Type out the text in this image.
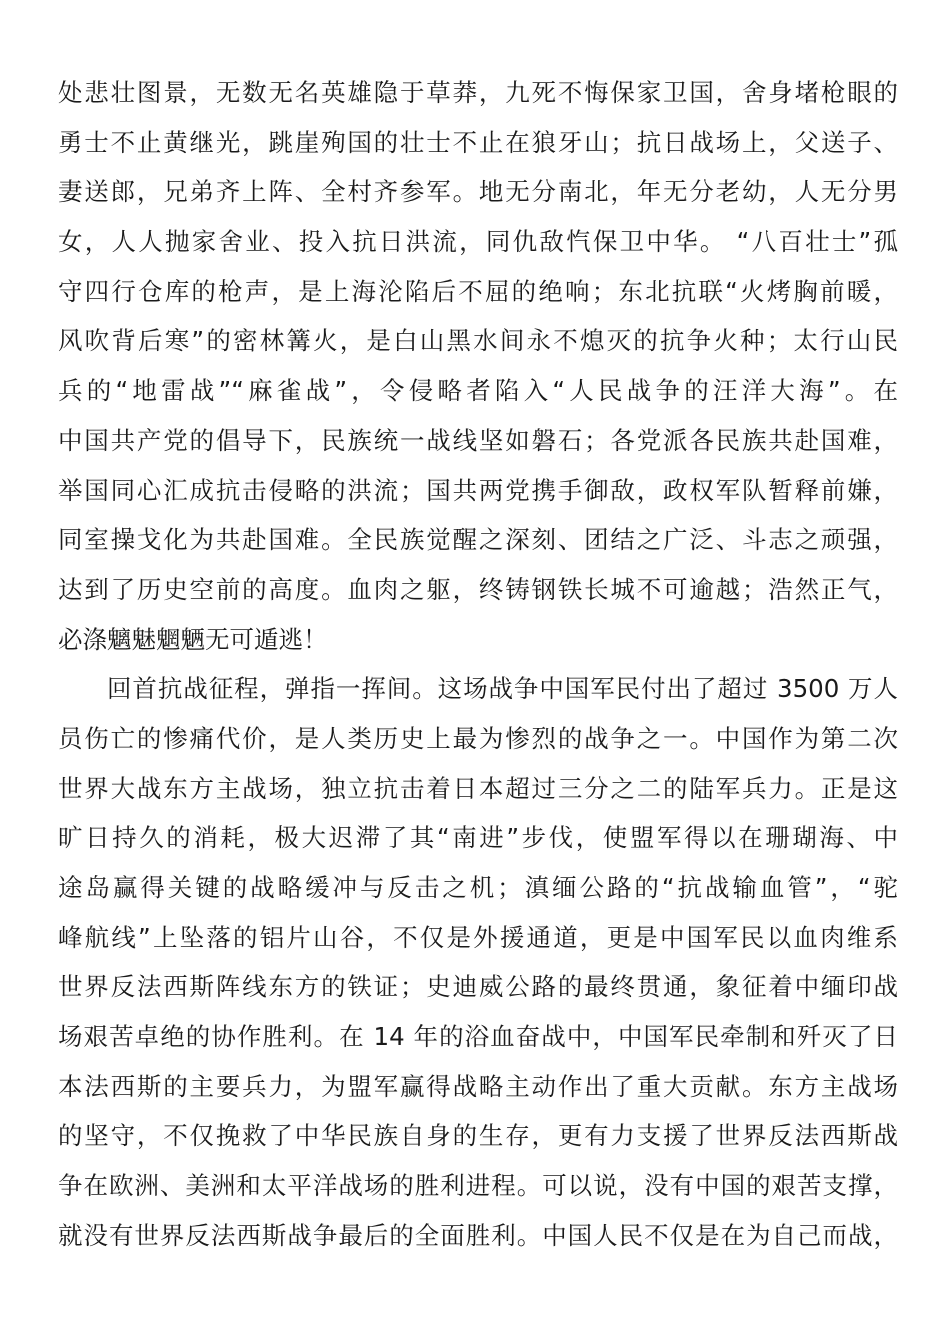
处悲壮图景，无数无名英雄隐于草莽，九死不悔保家卫国，舍身堵枪眼的
勇士不止黄继光，跳崖殉国的壮士不止在狼牙山；抗日战场上，父送子、
妻送郎，兄弟齐上阵、全村齐参军。地无分南北，年无分老幼，人无分男
女，人人抛家舍业、投入抗日洪流，同仇敌忾保卫中华。 “八百壮士”孤
守四行仓库的枪声，是上海沦陷后不屈的绝响；东北抗联“火烤胸前暖，
风吹背后寒”的密林篝火，是白山黑水间永不熄灭的抗争火种；太行山民
兵的“地雷战”“麻雀战”，令侵略者陷入“人民战争的汪洋大海”。在
中国共产党的倡导下，民族统一战线坚如磐石；各党派各民族共赴国难，
举国同心汇成抗击侵略的洪流；国共两党携手御敌，政权军队暂释前嫌，
同室操戈化为共赴国难。全民族觉醒之深刻、团结之广泛、斗志之顽强，
达到了历史空前的高度。血肉之躯，终铸钢铁长城不可逾越；浩然正气，
必涤魑魅魍魉无可遁逃！
回首抗战征程，弹指一挥间。这场战争中国军民付出了超过 3500 万人
员伤亡的惨痛代价，是人类历史上最为惨烈的战争之一。中国作为第二次
世界大战东方主战场，独立抗击着日本超过三分之二的陆军兵力。正是这
旷日持久的消耗，极大迟滞了其“南进”步伐，使盟军得以在珊瑚海、中
途岛赢得关键的战略缓冲与反击之机；滇缅公路的“抗战输血管”，“驼
峰航线”上坠落的铝片山谷，不仅是外援通道，更是中国军民以血肉维系
世界反法西斯阵线东方的铁证；史迪威公路的最终贯通，象征着中缅印战
场艰苦卓绝的协作胜利。在 14 年的浴血奋战中，中国军民牵制和歼灭了日
本法西斯的主要兵力，为盟军赢得战略主动作出了重大贡献。东方主战场
的坚守，不仅挽救了中华民族自身的生存，更有力支援了世界反法西斯战
争在欧洲、美洲和太平洋战场的胜利进程。可以说，没有中国的艰苦支撑，
就没有世界反法西斯战争最后的全面胜利。中国人民不仅是在为自己而战，
